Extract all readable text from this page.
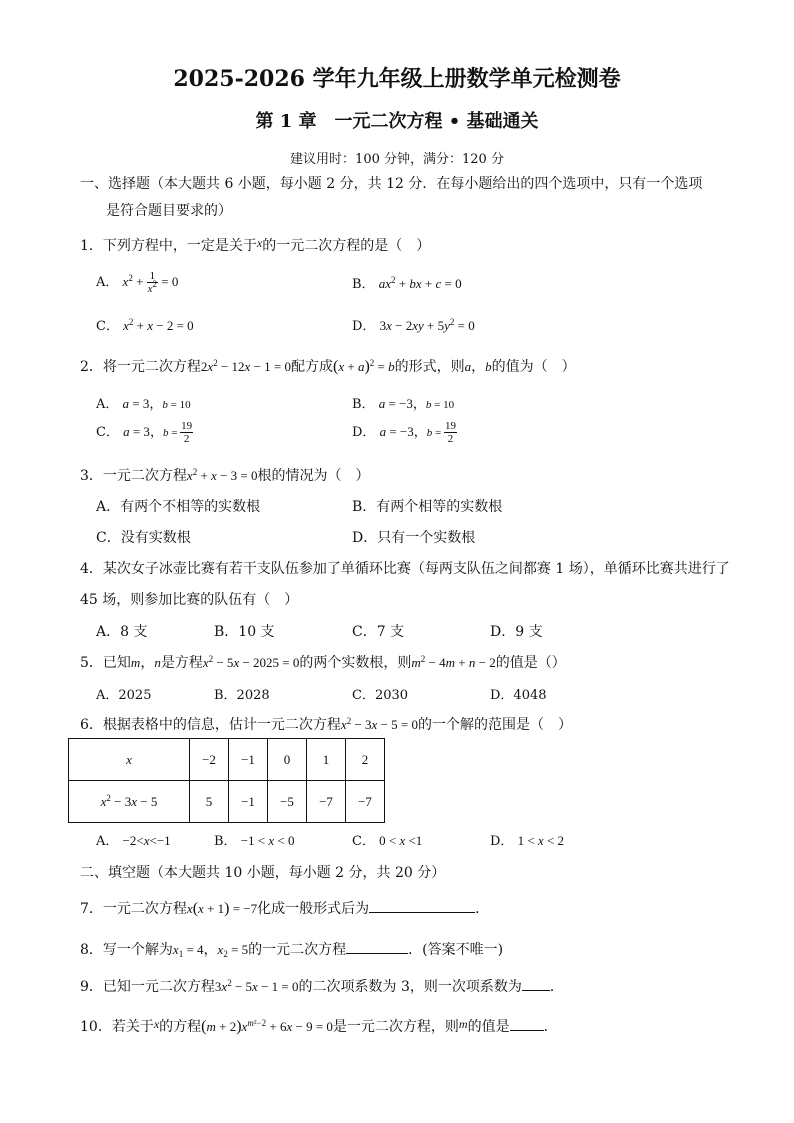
2025-2026 学年九年级上册数学单元检测卷
第 1 章　一元二次方程 • 基础通关
建议用时：100 分钟，满分：120 分
一、选择题（本大题共 6 小题，每小题 2 分，共 12 分．在每小题给出的四个选项中，只有一个选项
是符合题目要求的）
1．下列方程中，一定是关于x的一元二次方程的是（　）
A． $x^2 + \frac{1}{x^2} = 0$	B． $ax^2$ + bx + c = 0
C． $x^2 + x - 2 = 0$	D． $3x - 2xy + 5y^2 = 0$
2．将一元二次方程$2x^2 - 12x - 1 = 0$配方成$(x + a)^2 = b$的形式，则a，b的值为（　）
A． a = 3，b = 10	B． a = −3，b = 10
C． a = 3，$b = \frac{19}{2}$	D． a = −3，$b = \frac{19}{2}$
3．一元二次方程$x^2 + x - 3 = 0$根的情况为（　）
A．有两个不相等的实数根	B．有两个相等的实数根
C．没有实数根	D．只有一个实数根
4．某次女子冰壶比赛有若干支队伍参加了单循环比赛（每两支队伍之间都赛 1 场），单循环比赛共进行了
45 场，则参加比赛的队伍有（　）
A．8 支	B．10 支	C．7 支	D．9 支
5．已知m，n是方程$x^2 - 5x - 2025 = 0$的两个实数根，则$m^2 - 4m + n - 2$的值是（）
A．2025	B．2028	C．2030	D．4048
6．根据表格中的信息，估计一元二次方程$x^2 - 3x - 5 = 0$的一个解的范围是（　）
x	−2	−1	0	1	2
$x^2 - 3x - 5$	5	−1	−5	−7	−7
A． −2<x<−1	B． −1 < x < 0	C． 0 < x <1	D． 1 < x < 2
二、填空题（本大题共 10 小题，每小题 2 分，共 20 分）
7．一元二次方程x(x + 1) = −7化成一般形式后为	．
8．写一个解为$x_1 = 4$，$x_2 = 5$的一元二次方程	．(答案不唯一)
9．已知一元二次方程$3x^2 - 5x - 1 = 0$的二次项系数为 3，则一次项系数为 ．
10．若关于x的方程$(m + 2)x^{m^2-2} + 6x - 9 = 0$是一元二次方程，则m的值是 ．
